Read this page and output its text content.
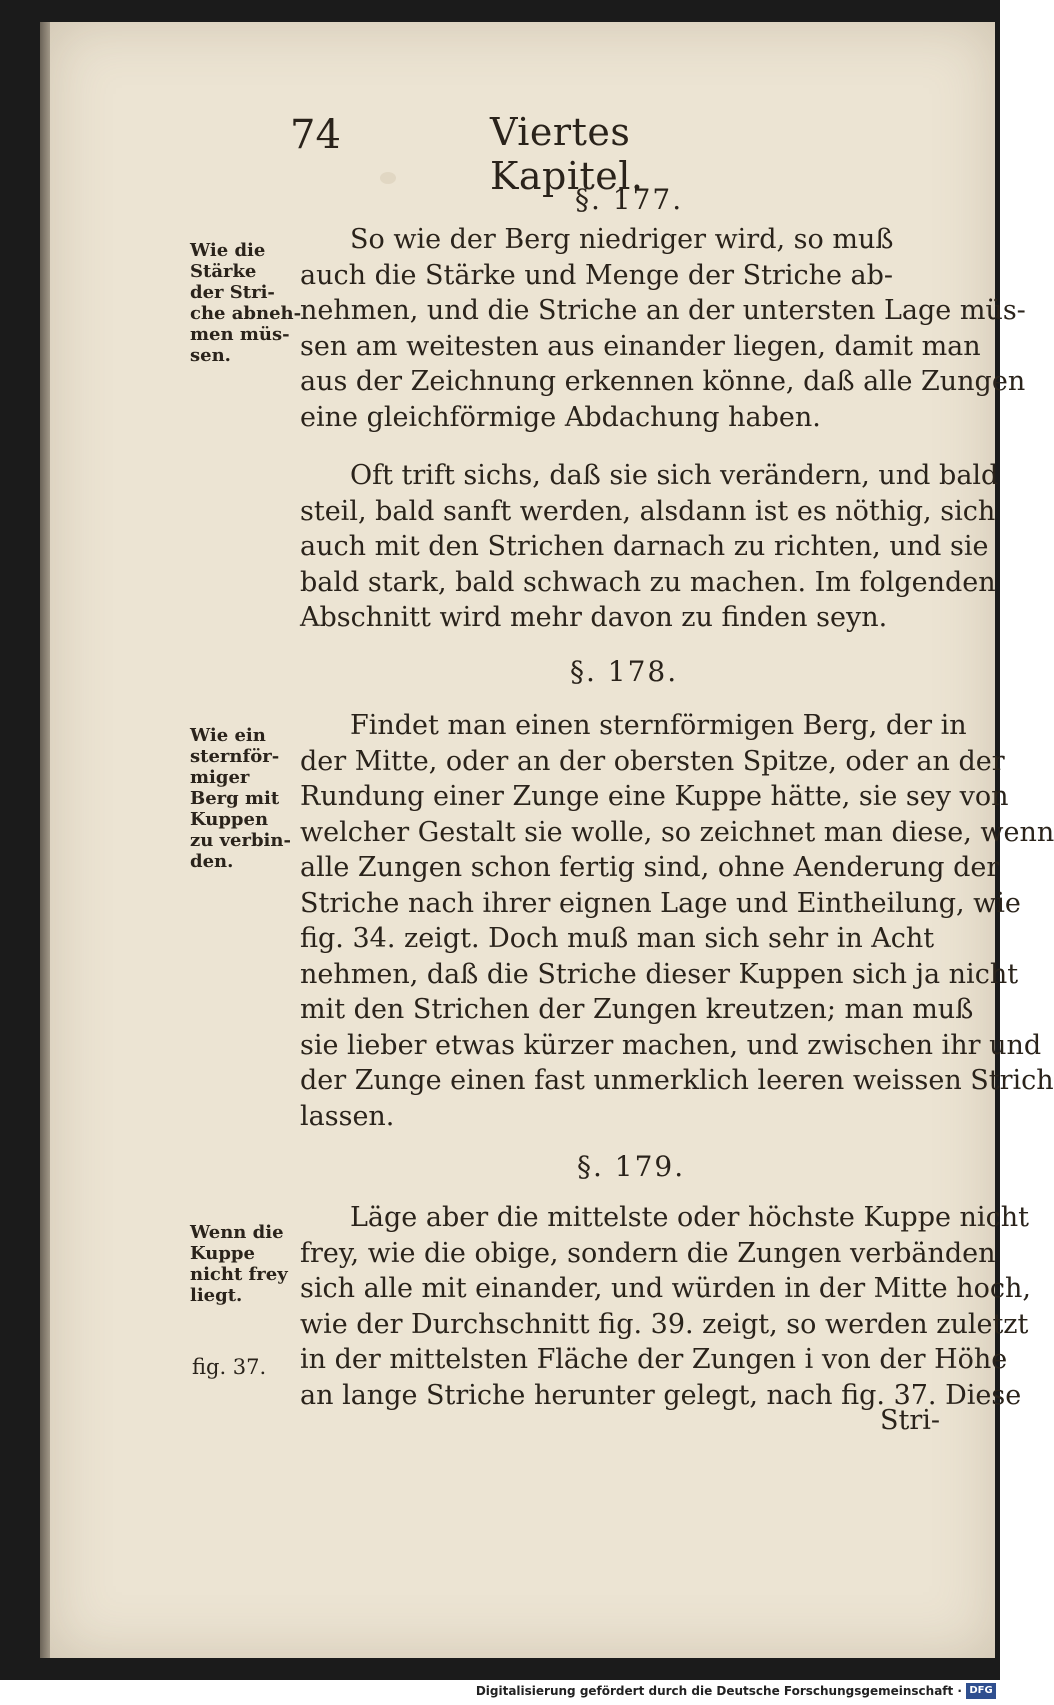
74	Viertes Kapitel.
§. 177.
Wie die
Stärke
der Stri-
che abneh-
men müs-
sen.
So wie der Berg niedriger wird, so muß
auch die Stärke und Menge der Striche ab-
nehmen, und die Striche an der untersten Lage müs-
sen am weitesten aus einander liegen, damit man
aus der Zeichnung erkennen könne, daß alle Zungen
eine gleichförmige Abdachung haben.
Oft trift sichs, daß sie sich verändern, und bald
steil, bald sanft werden, alsdann ist es nöthig, sich
auch mit den Strichen darnach zu richten, und sie
bald stark, bald schwach zu machen. Im folgenden
Abschnitt wird mehr davon zu finden seyn.
§. 178.
Wie ein
sternför-
miger
Berg mit
Kuppen
zu verbin-
den.
Findet man einen sternförmigen Berg, der in
der Mitte, oder an der obersten Spitze, oder an der
Rundung einer Zunge eine Kuppe hätte, sie sey von
welcher Gestalt sie wolle, so zeichnet man diese, wenn
alle Zungen schon fertig sind, ohne Aenderung der
Striche nach ihrer eignen Lage und Eintheilung, wie
fig. 34. zeigt. Doch muß man sich sehr in Acht
nehmen, daß die Striche dieser Kuppen sich ja nicht
mit den Strichen der Zungen kreutzen; man muß
sie lieber etwas kürzer machen, und zwischen ihr und
der Zunge einen fast unmerklich leeren weissen Strich
lassen.
§. 179.
Wenn die
Kuppe
nicht frey
liegt.
fig. 37.
Läge aber die mittelste oder höchste Kuppe nicht
frey, wie die obige, sondern die Zungen verbänden
sich alle mit einander, und würden in der Mitte hoch,
wie der Durchschnitt fig. 39. zeigt, so werden zuletzt
in der mittelsten Fläche der Zungen i von der Höhe
an lange Striche herunter gelegt, nach fig. 37. Diese
Stri-
Digitalisierung gefördert durch die Deutsche Forschungsgemeinschaft · DFG
